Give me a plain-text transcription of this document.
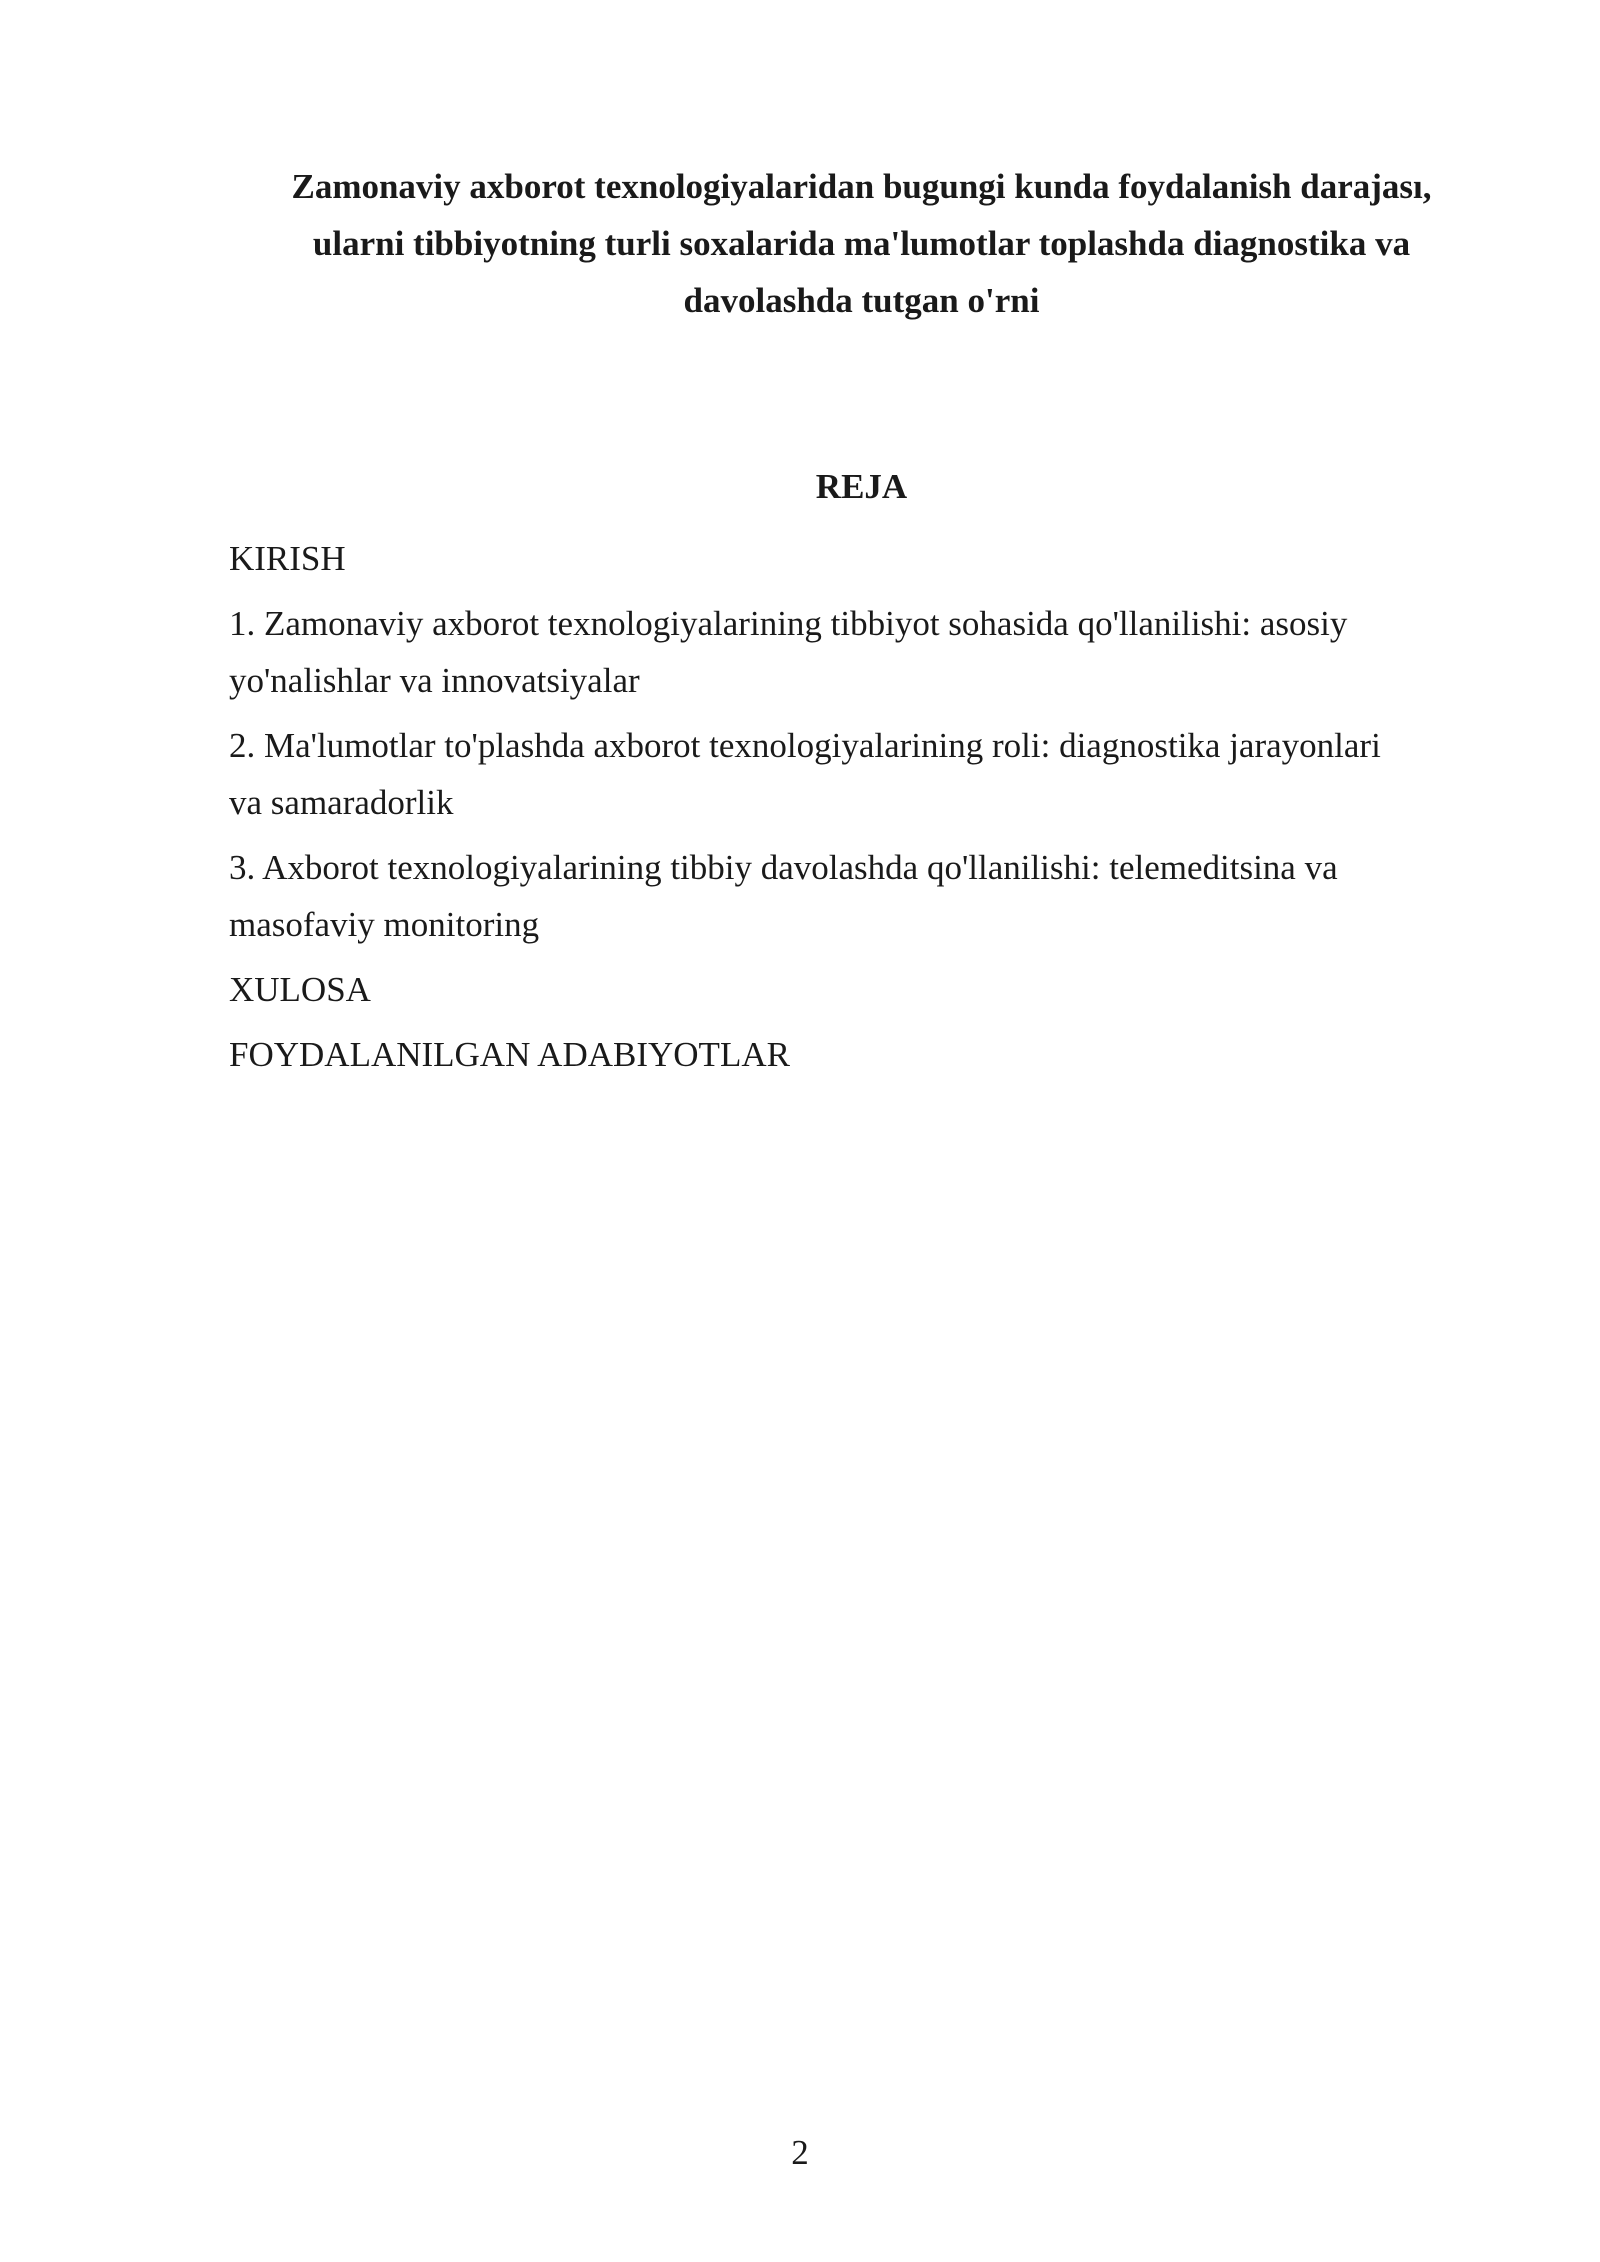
Zamonaviy axborot texnologiyalaridan bugungi kunda foydalanish darajası,
ularni tibbiyotning turli soxalarida ma'lumotlar toplashda diagnostika va
davolashda tutgan o'rni
REJA
KIRISH
1. Zamonaviy axborot texnologiyalarining tibbiyot sohasida qo'llanilishi: asosiy
yo'nalishlar va innovatsiyalar
2. Ma'lumotlar to'plashda axborot texnologiyalarining roli: diagnostika jarayonlari
va samaradorlik
3. Axborot texnologiyalarining tibbiy davolashda qo'llanilishi: telemeditsina va
masofaviy monitoring
XULOSA
FOYDALANILGAN ADABIYOTLAR
2
